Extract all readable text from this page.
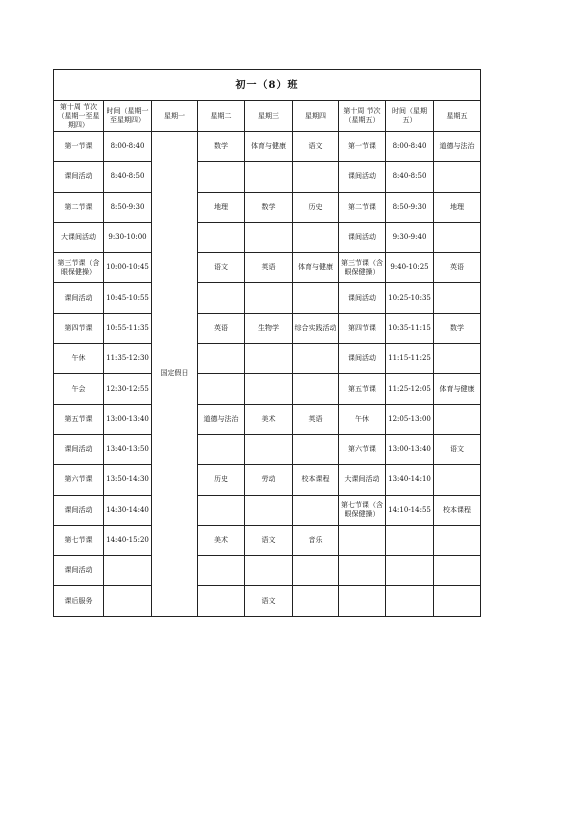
初一（8）班								
第十周 节次（星期一至星期四）	时间（星期一至星期四）	星期一	星期二	星期三	星期四	第十周 节次（星期五）	时间（星期五）	星期五
第一节课	8:00-8:40	国定假日	数学	体育与健康	语文	第一节课	8:00-8:40	道德与法治
课间活动	8:40-8:50					课间活动	8:40-8:50	
第二节课	8:50-9:30		地理	数学	历史	第二节课	8:50-9:30	地理
大课间活动	9:30-10:00					课间活动	9:30-9:40	
第三节课（含眼保健操）	10:00-10:45		语文	英语	体育与健康	第三节课（含眼保健操）	9:40-10:25	英语
课间活动	10:45-10:55					课间活动	10:25-10:35	
第四节课	10:55-11:35		英语	生物学	综合实践活动	第四节课	10:35-11:15	数学
午休	11:35-12:30					课间活动	11:15-11:25	
午会	12:30-12:55					第五节课	11:25-12:05	体育与健康
第五节课	13:00-13:40		道德与法治	美术	英语	午休	12:05-13:00	
课间活动	13:40-13:50					第六节课	13:00-13:40	语文
第六节课	13:50-14:30		历史	劳动	校本课程	大课间活动	13:40-14:10	
课间活动	14:30-14:40					第七节课（含眼保健操）	14:10-14:55	校本课程
第七节课	14:40-15:20		美术	语文	音乐			
课间活动								
课后服务				语文				
